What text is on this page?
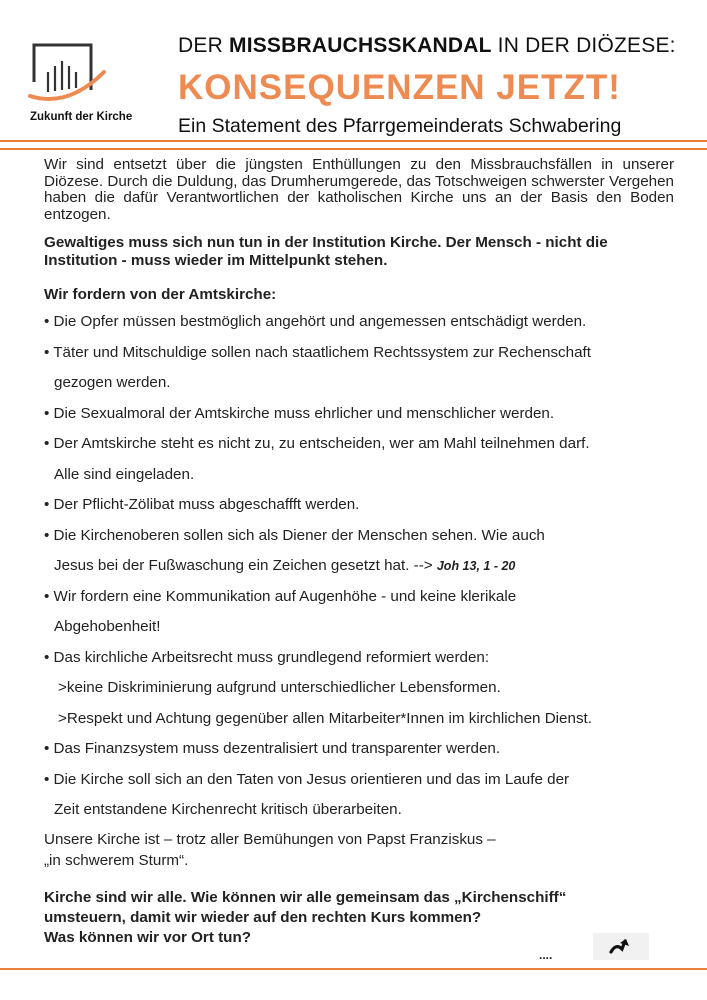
Zukunft der Kirche
DER MISSBRAUCHSSKANDAL IN DER DIÖZESE:
KONSEQUENZEN JETZT!
Ein Statement des Pfarrgemeinderats Schwabering

Wir sind entsetzt über die jüngsten Enthüllungen zu den Missbrauchsfällen in unserer Diözese. Durch die Duldung, das Drumherumgerede, das Totschweigen schwerster Vergehen haben die dafür Verantwortlichen der katholischen Kirche uns an der Basis den Boden entzogen.

Gewaltiges muss sich nun tun in der Institution Kirche. Der Mensch - nicht die
Institution - muss wieder im Mittelpunkt stehen.

Wir fordern von der Amtskirche:

• Die Opfer müssen bestmöglich angehört und angemessen entschädigt werden.
• Täter und Mitschuldige sollen nach staatlichem Rechtssystem zur Rechenschaft
gezogen werden.
• Die Sexualmoral der Amtskirche muss ehrlicher und menschlicher werden.
• Der Amtskirche steht es nicht zu, zu entscheiden, wer am Mahl teilnehmen darf.
Alle sind eingeladen.
• Der Pflicht-Zölibat muss abgeschaffft werden.
• Die Kirchenoberen sollen sich als Diener der Menschen sehen. Wie auch
Jesus bei der Fußwaschung ein Zeichen gesetzt hat. --> Joh 13, 1 - 20
• Wir fordern eine Kommunikation auf Augenhöhe - und keine klerikale
Abgehobenheit!
• Das kirchliche Arbeitsrecht muss grundlegend reformiert werden:
>keine Diskriminierung aufgrund unterschiedlicher Lebensformen.
>Respekt und Achtung gegenüber allen Mitarbeiter*Innen im kirchlichen Dienst.
• Das Finanzsystem muss dezentralisiert und transparenter werden.
• Die Kirche soll sich an den Taten von Jesus orientieren und das im Laufe der
Zeit entstandene Kirchenrecht kritisch überarbeiten.

Unsere Kirche ist – trotz aller Bemühungen von Papst Franziskus –
„in schwerem Sturm“.

Kirche sind wir alle. Wie können wir alle gemeinsam das „Kirchenschiff“
umsteuern, damit wir wieder auf den rechten Kurs kommen?
Was können wir vor Ort tun?

....
